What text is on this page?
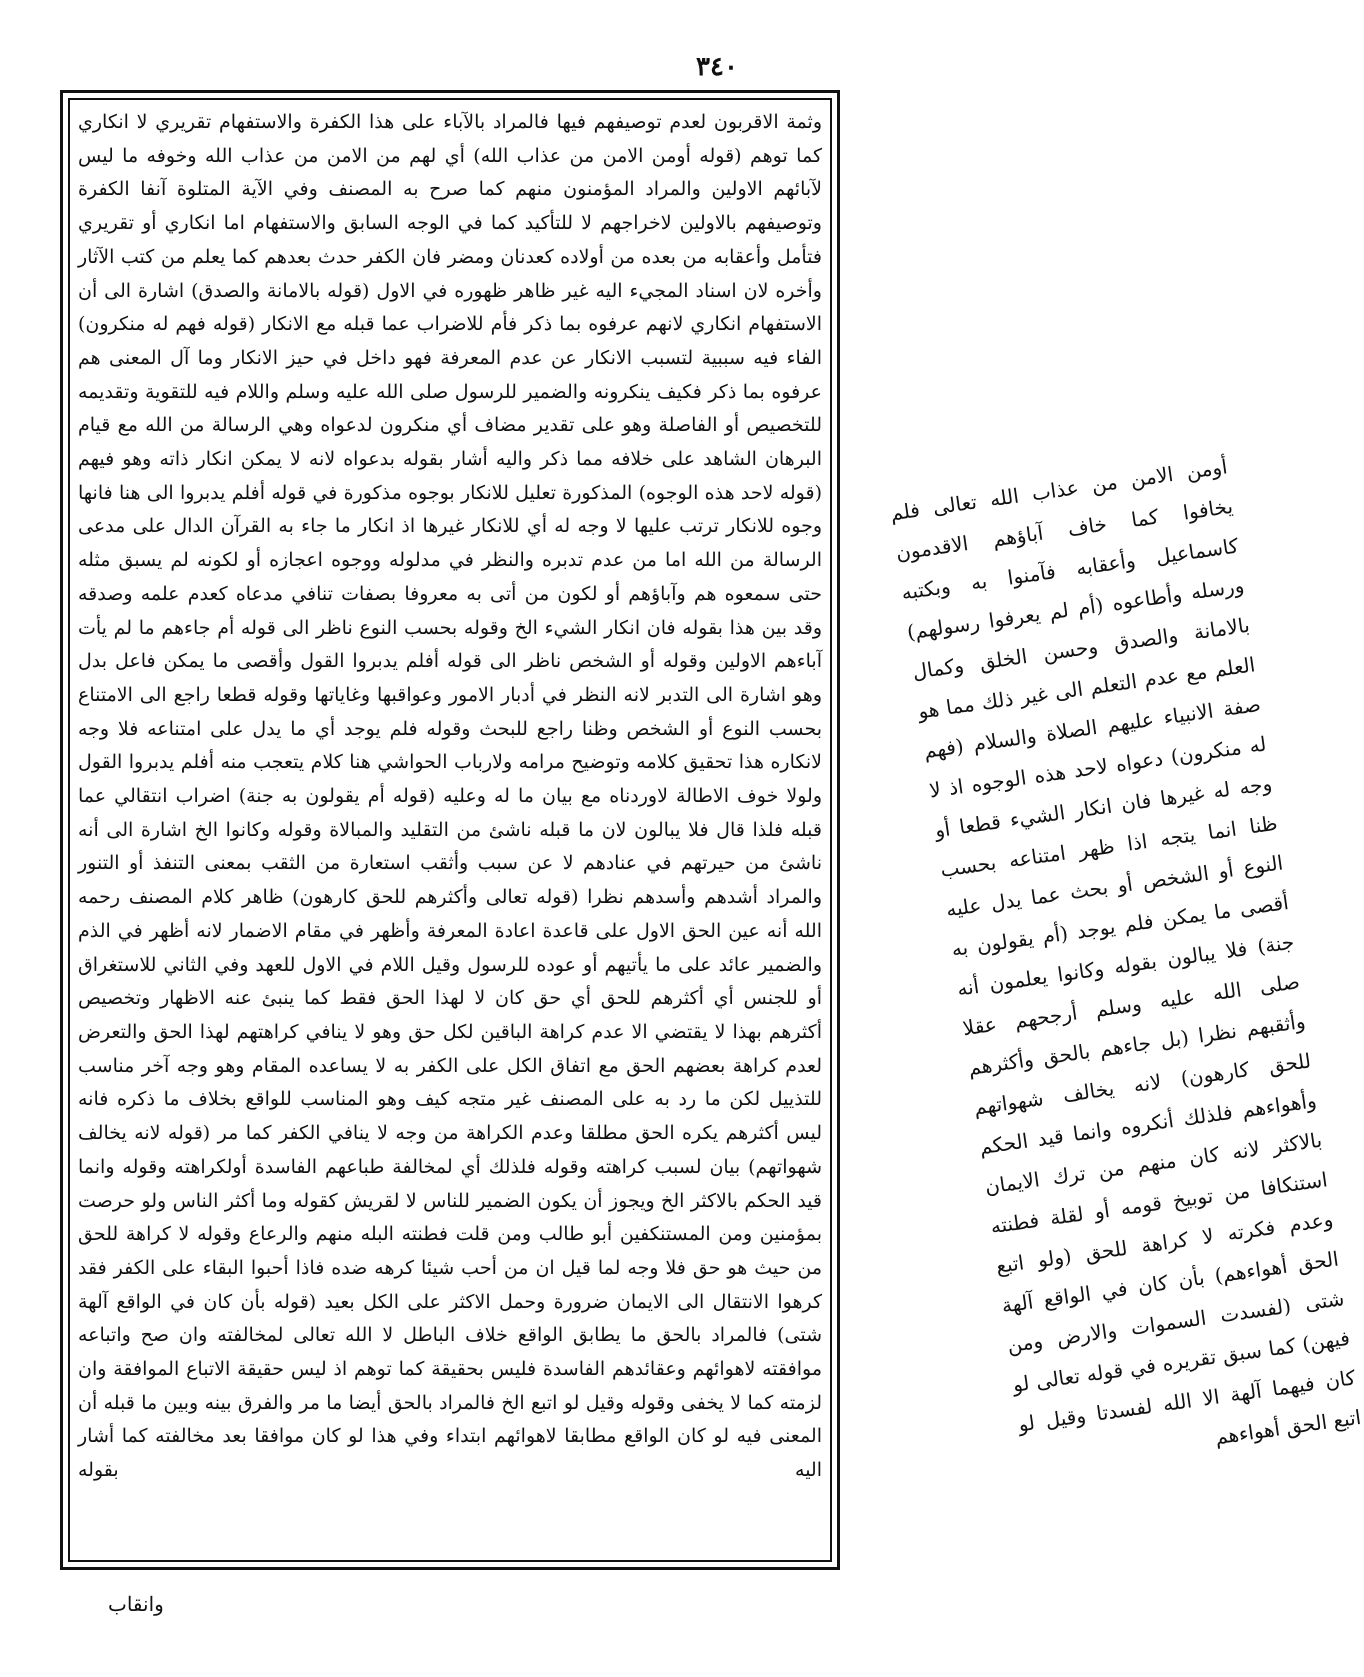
٣٤٠

وثمة الاقربون لعدم توصيفهم فيها فالمراد بالآباء على هذا الكفرة والاستفهام تقريري لا انكاري كما توهم (قوله أومن الامن من عذاب الله) أي لهم من الامن من عذاب الله وخوفه ما ليس لآبائهم الاولين والمراد المؤمنون منهم كما صرح به المصنف وفي الآية المتلوة آنفا الكفرة وتوصيفهم بالاولين لاخراجهم لا للتأكيد كما في الوجه السابق والاستفهام اما انكاري أو تقريري فتأمل وأعقابه من بعده من أولاده كعدنان ومضر فان الكفر حدث بعدهم كما يعلم من كتب الآثار وأخره لان اسناد المجيء اليه غير ظاهر ظهوره في الاول (قوله بالامانة والصدق) اشارة الى أن الاستفهام انكاري لانهم عرفوه بما ذكر فأم للاضراب عما قبله مع الانكار (قوله فهم له منكرون) الفاء فيه سببية لتسبب الانكار عن عدم المعرفة فهو داخل في حيز الانكار وما آل المعنى هم عرفوه بما ذكر فكيف ينكرونه والضمير للرسول صلى الله عليه وسلم واللام فيه للتقوية وتقديمه للتخصيص أو الفاصلة وهو على تقدير مضاف أي منكرون لدعواه وهي الرسالة من الله مع قيام البرهان الشاهد على خلافه مما ذكر واليه أشار بقوله بدعواه لانه لا يمكن انكار ذاته وهو فيهم (قوله لاحد هذه الوجوه) المذكورة تعليل للانكار بوجوه مذكورة في قوله أفلم يدبروا الى هنا فانها وجوه للانكار ترتب عليها لا وجه له أي للانكار غيرها اذ انكار ما جاء به القرآن الدال على مدعى الرسالة من الله اما من عدم تدبره والنظر في مدلوله ووجوه اعجازه أو لكونه لم يسبق مثله حتى سمعوه هم وآباؤهم أو لكون من أتى به معروفا بصفات تنافي مدعاه كعدم علمه وصدقه وقد بين هذا بقوله فان انكار الشيء الخ وقوله بحسب النوع ناظر الى قوله أم جاءهم ما لم يأت آباءهم الاولين وقوله أو الشخص ناظر الى قوله أفلم يدبروا القول وأقصى ما يمكن فاعل بدل وهو اشارة الى التدبر لانه النظر في أدبار الامور وعواقبها وغاياتها وقوله قطعا راجع الى الامتناع بحسب النوع أو الشخص وظنا راجع للبحث وقوله فلم يوجد أي ما يدل على امتناعه فلا وجه لانكاره هذا تحقيق كلامه وتوضيح مرامه ولارباب الحواشي هنا كلام يتعجب منه أفلم يدبروا القول ولولا خوف الاطالة لاوردناه مع بيان ما له وعليه (قوله أم يقولون به جنة) اضراب انتقالي عما قبله فلذا قال فلا يبالون لان ما قبله ناشئ من التقليد والمبالاة وقوله وكانوا الخ اشارة الى أنه ناشئ من حيرتهم في عنادهم لا عن سبب وأثقب استعارة من الثقب بمعنى التنفذ أو التنور والمراد أشدهم وأسدهم نظرا (قوله تعالى وأكثرهم للحق كارهون) ظاهر كلام المصنف رحمه الله أنه عين الحق الاول على قاعدة اعادة المعرفة وأظهر في مقام الاضمار لانه أظهر في الذم والضمير عائد على ما يأتيهم أو عوده للرسول وقيل اللام في الاول للعهد وفي الثاني للاستغراق أو للجنس أي أكثرهم للحق أي حق كان لا لهذا الحق فقط كما ينبئ عنه الاظهار وتخصيص أكثرهم بهذا لا يقتضي الا عدم كراهة الباقين لكل حق وهو لا ينافي كراهتهم لهذا الحق والتعرض لعدم كراهة بعضهم الحق مع اتفاق الكل على الكفر به لا يساعده المقام وهو وجه آخر مناسب للتذييل لكن ما رد به على المصنف غير متجه كيف وهو المناسب للواقع بخلاف ما ذكره فانه ليس أكثرهم يكره الحق مطلقا وعدم الكراهة من وجه لا ينافي الكفر كما مر (قوله لانه يخالف شهواتهم) بيان لسبب كراهته وقوله فلذلك أي لمخالفة طباعهم الفاسدة أولكراهته وقوله وانما قيد الحكم بالاكثر الخ ويجوز أن يكون الضمير للناس لا لقريش كقوله وما أكثر الناس ولو حرصت بمؤمنين ومن المستنكفين أبو طالب ومن قلت فطنته البله منهم والرعاع وقوله لا كراهة للحق من حيث هو حق فلا وجه لما قيل ان من أحب شيئا كرهه ضده فاذا أحبوا البقاء على الكفر فقد كرهوا الانتقال الى الايمان ضرورة وحمل الاكثر على الكل بعيد (قوله بأن كان في الواقع آلهة شتى) فالمراد بالحق ما يطابق الواقع خلاف الباطل لا الله تعالى لمخالفته وان صح واتباعه موافقته لاهوائهم وعقائدهم الفاسدة فليس بحقيقة كما توهم اذ ليس حقيقة الاتباع الموافقة وان لزمته كما لا يخفى وقوله وقيل لو اتبع الخ فالمراد بالحق أيضا ما مر والفرق بينه وبين ما قبله أن المعنى فيه لو كان الواقع مطابقا لاهوائهم ابتداء وفي هذا لو كان موافقا بعد مخالفته كما أشار اليه بقوله

وانقاب
أومن الامن من عذاب الله تعالى فلم يخافوا كما خاف آباؤهم الاقدمون كاسماعيل وأعقابه فآمنوا به وبكتبه ورسله وأطاعوه (أم لم يعرفوا رسولهم) بالامانة والصدق وحسن الخلق وكمال العلم مع عدم التعلم الى غير ذلك مما هو صفة الانبياء عليهم الصلاة والسلام (فهم له منكرون) دعواه لاحد هذه الوجوه اذ لا وجه له غيرها فان انكار الشيء قطعا أو ظنا انما يتجه اذا ظهر امتناعه بحسب النوع أو الشخص أو بحث عما يدل عليه أقصى ما يمكن فلم يوجد (أم يقولون به جنة) فلا يبالون بقوله وكانوا يعلمون أنه صلى الله عليه وسلم أرجحهم عقلا وأثقبهم نظرا (بل جاءهم بالحق وأكثرهم للحق كارهون) لانه يخالف شهواتهم وأهواءهم فلذلك أنكروه وانما قيد الحكم بالاكثر لانه كان منهم من ترك الايمان استنكافا من توبيخ قومه أو لقلة فطنته وعدم فكرته لا كراهة للحق (ولو اتبع الحق أهواءهم) بأن كان في الواقع آلهة شتى (لفسدت السموات والارض ومن فيهن) كما سبق تقريره في قوله تعالى لو كان فيهما آلهة الا الله لفسدتا وقيل لو اتبع الحق أهواءهم
